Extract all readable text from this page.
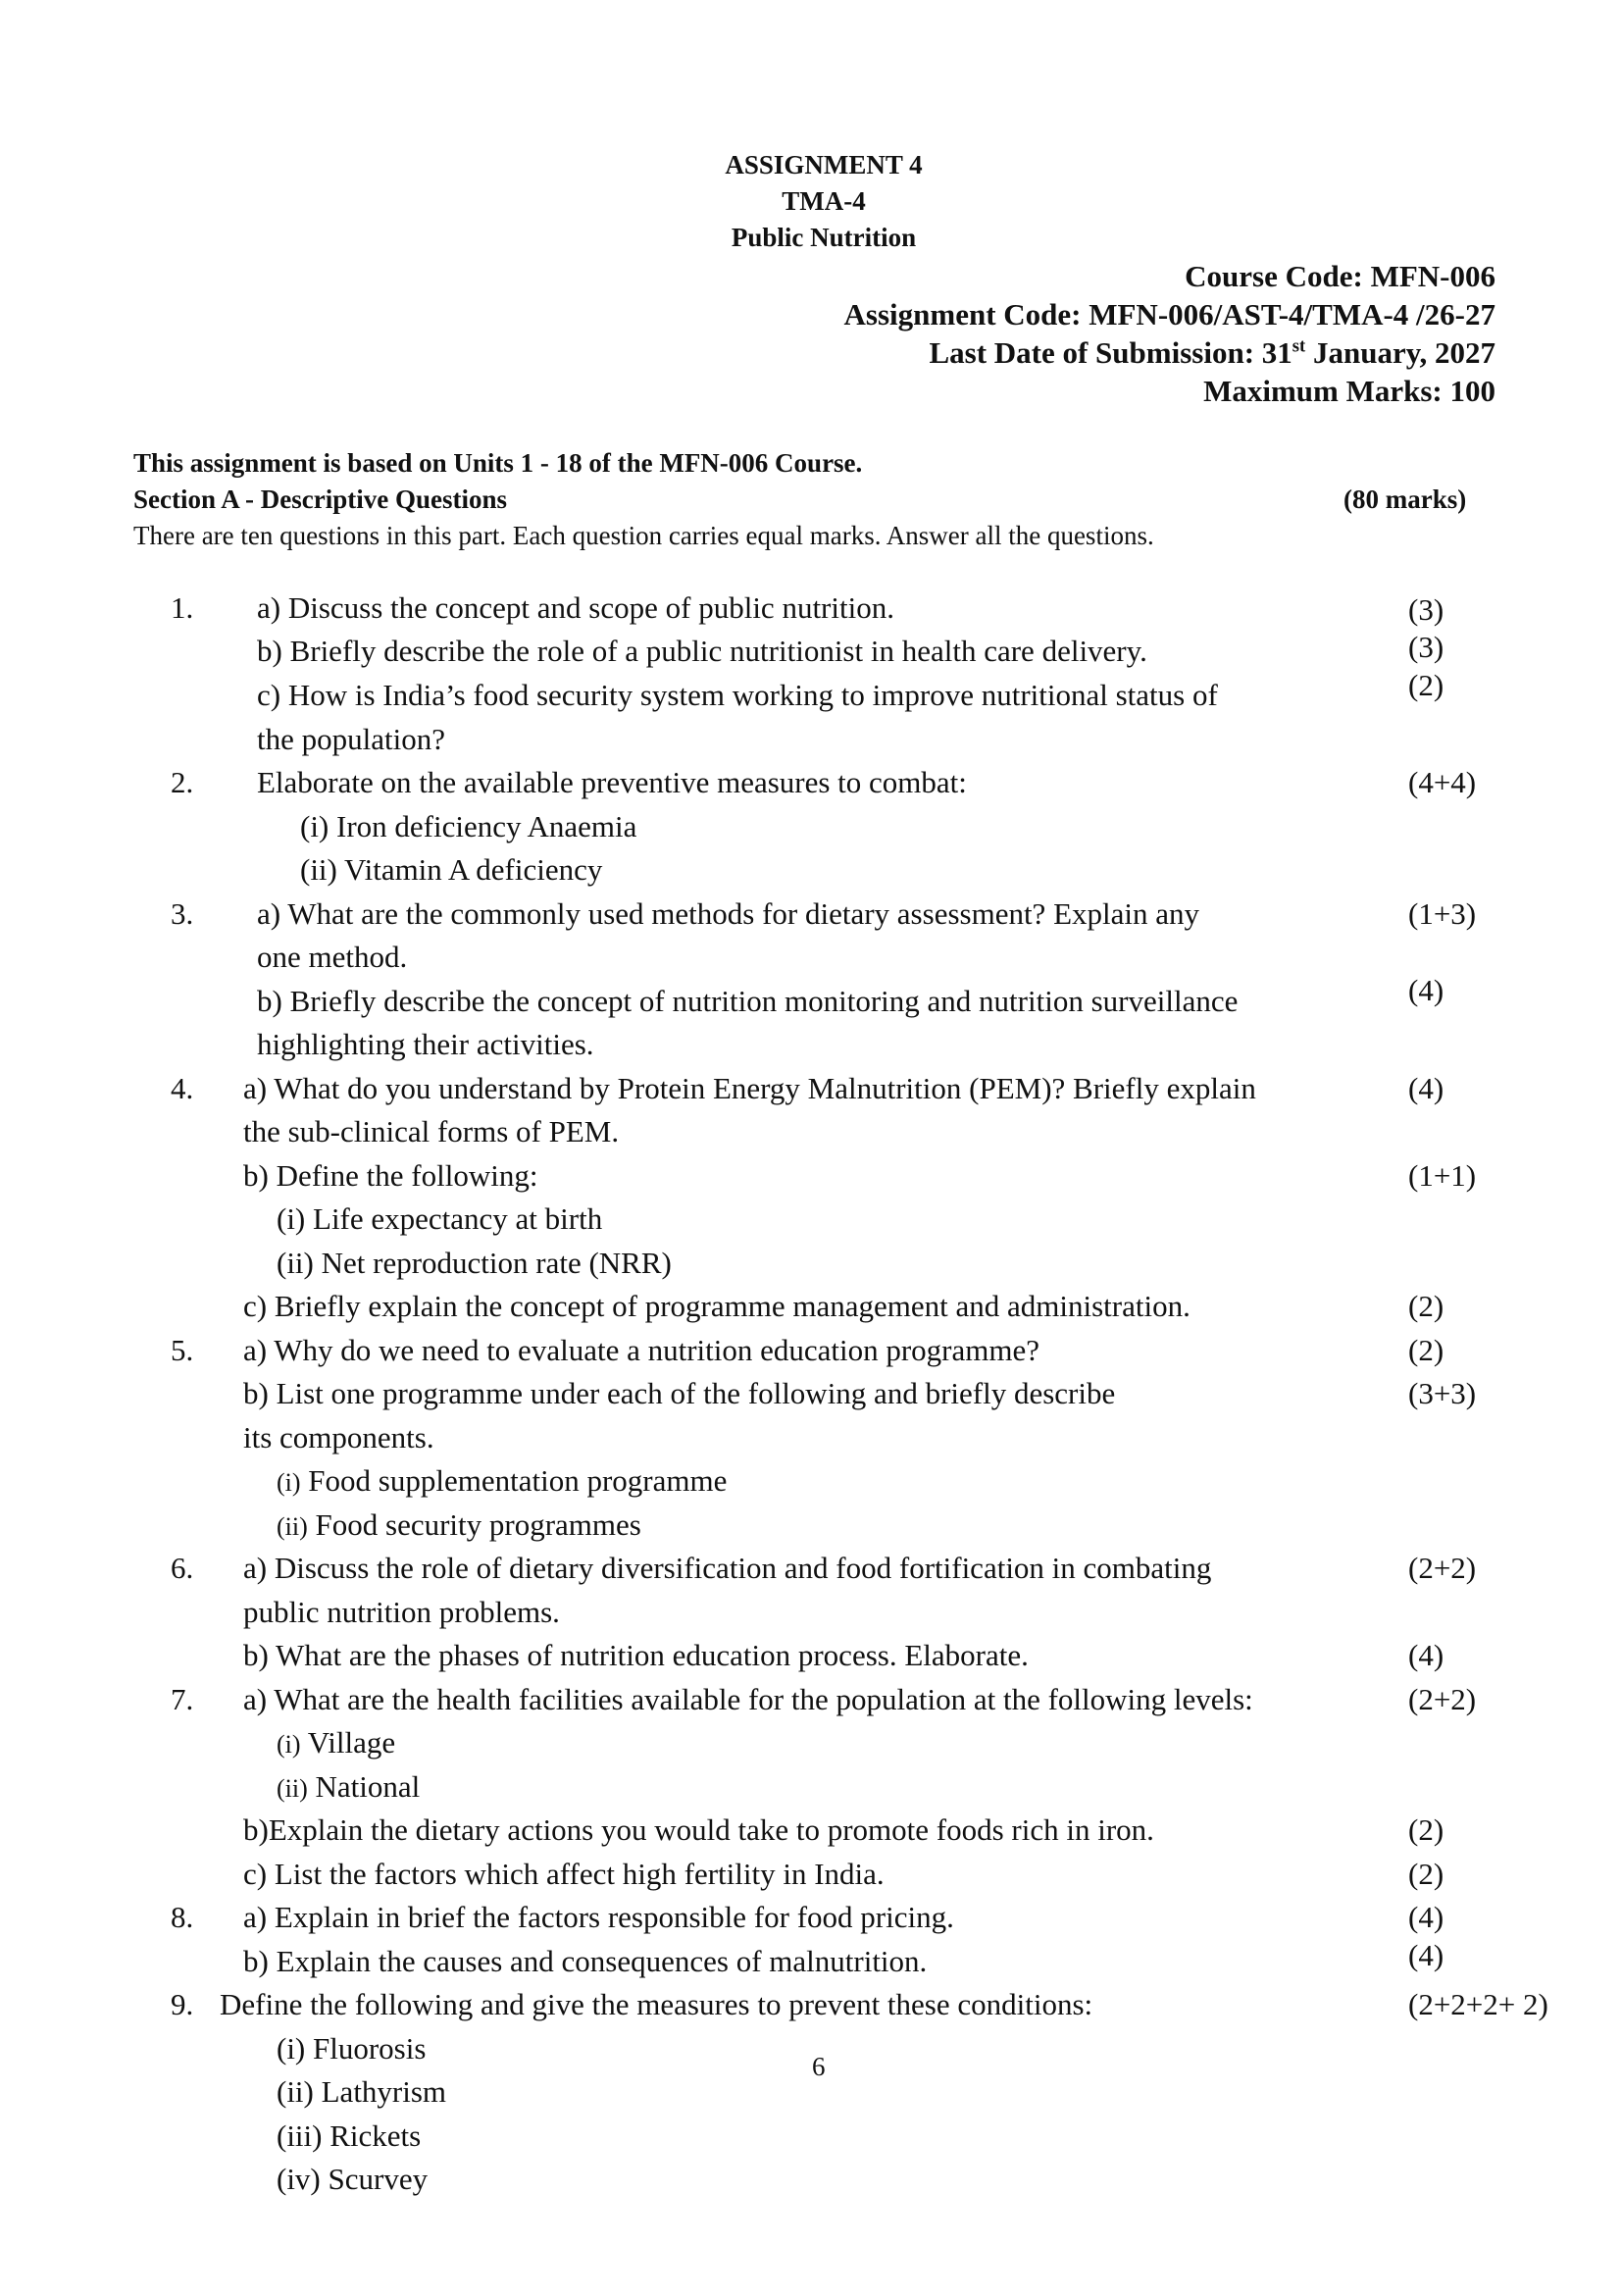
ASSIGNMENT 4
TMA-4
Public Nutrition
Course Code: MFN-006
Assignment Code: MFN-006/AST-4/TMA-4 /26-27
Last Date of Submission: 31st January, 2027
Maximum Marks: 100
This assignment is based on Units 1 - 18 of the MFN-006 Course.
Section A - Descriptive Questions	(80 marks)
There are ten questions in this part. Each question carries equal marks. Answer all the questions.
1. a) Discuss the concept and scope of public nutrition.
b) Briefly describe the role of a public nutritionist in health care delivery.
c) How is India’s food security system working to improve nutritional status of
the population?
(3)
(3)
(2)
2. Elaborate on the available preventive measures to combat:
(i) Iron deficiency Anaemia
(ii) Vitamin A deficiency
(4+4)
3. a) What are the commonly used methods for dietary assessment? Explain any
one method.
b) Briefly describe the concept of nutrition monitoring and nutrition surveillance
highlighting their activities.
(1+3)
(4)
4. a) What do you understand by Protein Energy Malnutrition (PEM)? Briefly explain
the sub-clinical forms of PEM.
b) Define the following:
(i) Life expectancy at birth
(ii) Net reproduction rate (NRR)
c) Briefly explain the concept of programme management and administration.
(4)
(1+1)
(2)
5. a) Why do we need to evaluate a nutrition education programme?
b) List one programme under each of the following and briefly describe
its components.
(i) Food supplementation programme
(ii) Food security programmes
(2)
(3+3)
6. a) Discuss the role of dietary diversification and food fortification in combating
public nutrition problems.
b) What are the phases of nutrition education process. Elaborate.
(2+2)
(4)
7. a) What are the health facilities available for the population at the following levels:
(i) Village
(ii) National
b)Explain the dietary actions you would take to promote foods rich in iron.
c) List the factors which affect high fertility in India.
(2+2)
(2)
(2)
8. a) Explain in brief the factors responsible for food pricing.
b) Explain the causes and consequences of malnutrition.
(4)
(4)
9. Define the following and give the measures to prevent these conditions:
(i) Fluorosis
(ii) Lathyrism
(iii) Rickets
(iv) Scurvey
(2+2+2+ 2)
6
